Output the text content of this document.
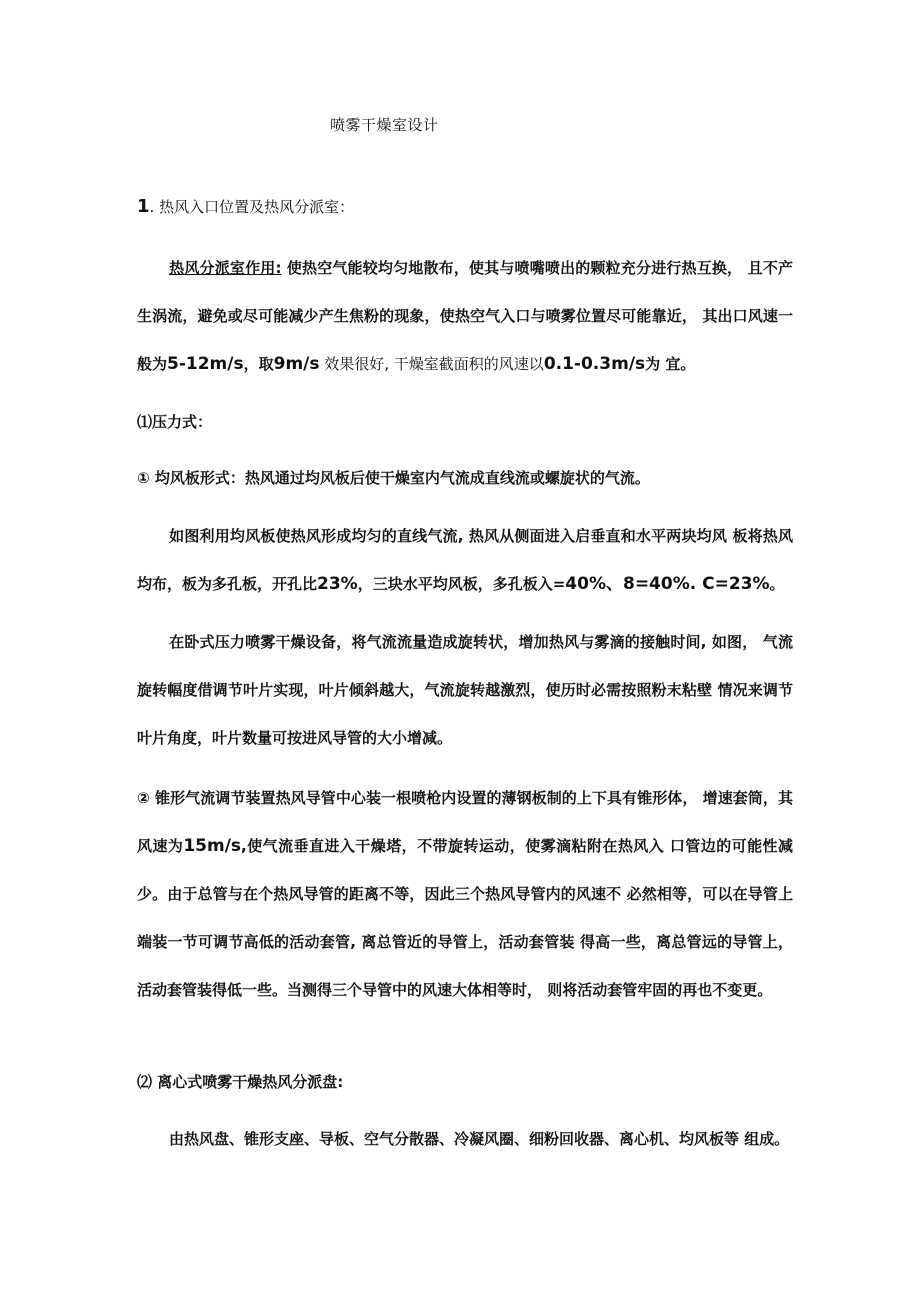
喷雾干燥室设计
1. 热风入口位置及热风分派室：
热风分派室作用: 使热空气能较均匀地散布，使其与喷嘴喷出的颗粒充分进行热互换， 且不产生涡流，避免或尽可能减少产生焦粉的现象，使热空气入口与喷雾位置尽可能靠近， 其出口风速一般为5-12m/s，取9m/s 效果很好, 干燥室截面积的风速以0.1-0.3m/s为 宜。
⑴压力式：
① 均风板形式：热风通过均风板后使干燥室内气流成直线流或螺旋状的气流。
如图利用均风板使热风形成均匀的直线气流, 热风从侧面进入启垂直和水平两块均风 板将热风均布，板为多孔板，开孔比23%，三块水平均风板，多孔板入=40%、8=40%. C=23%。
在卧式压力喷雾干燥设备，将气流流量造成旋转状，增加热风与雾滴的接触时间, 如图， 气流旋转幅度借调节叶片实现，叶片倾斜越大，气流旋转越激烈，使历时必需按照粉末粘壁 情况来调节叶片角度，叶片数量可按进风导管的大小增减。
② 锥形气流调节装置热风导管中心装一根喷枪内设置的薄钢板制的上下具有锥形体， 增速套筒，其风速为15m/s,使气流垂直进入干燥塔，不带旋转运动，使雾滴粘附在热风入 口管边的可能性减少。由于总管与在个热风导管的距离不等，因此三个热风导管内的风速不 必然相等，可以在导管上端装一节可调节高低的活动套管, 离总管近的导管上，活动套管装 得高一些，离总管远的导管上，活动套管装得低一些。当测得三个导管中的风速大体相等时， 则将活动套管牢固的再也不变更。
⑵ 离心式喷雾干燥热风分派盘:
由热风盘、锥形支座、导板、空气分散器、冷凝风圈、细粉回收器、离心机、均风板等 组成。
